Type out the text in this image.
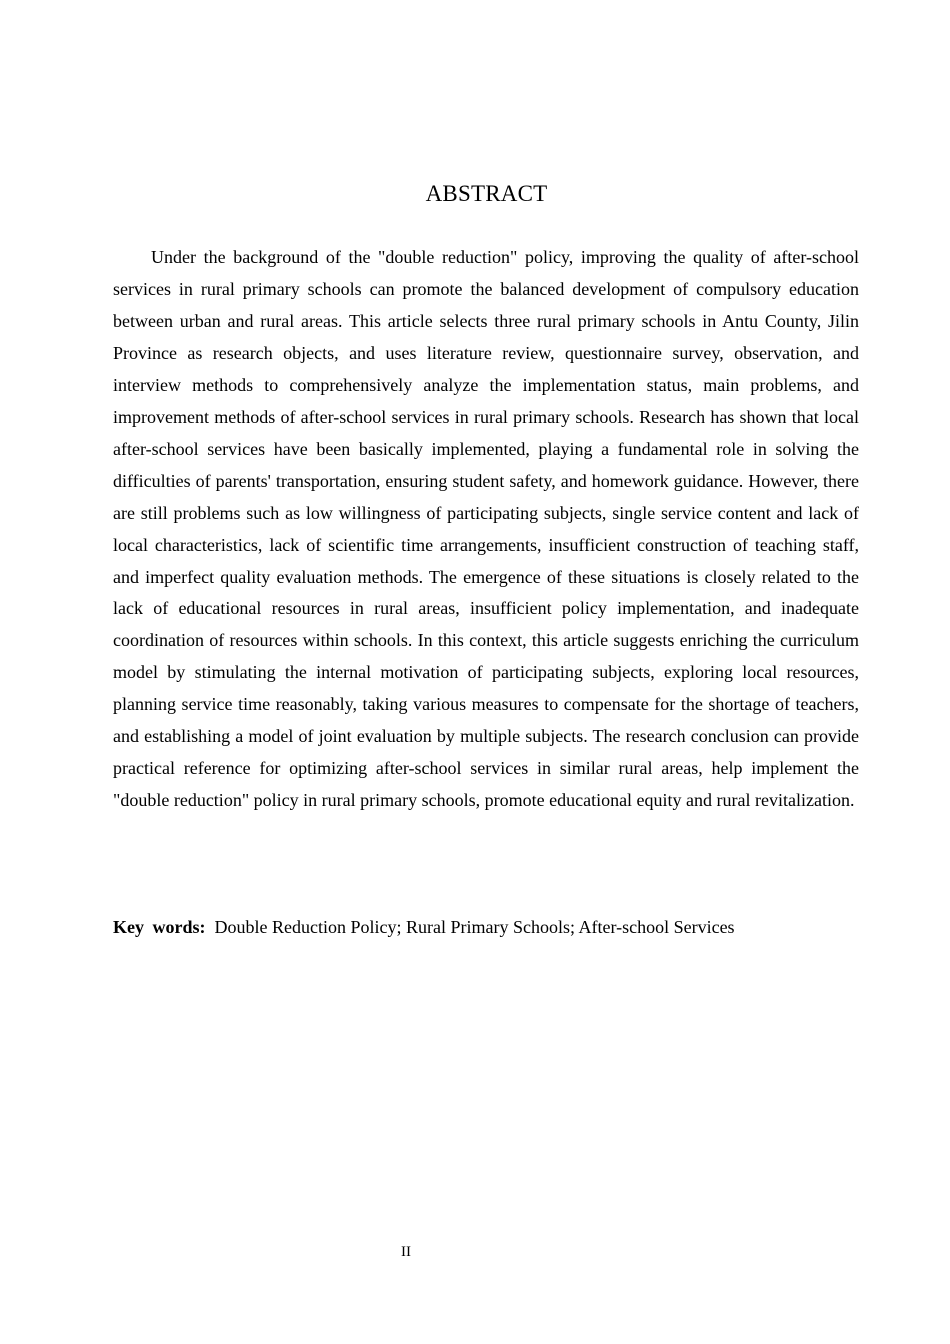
ABSTRACT

Under the background of the "double reduction" policy, improving the quality of after-school services in rural primary schools can promote the balanced development of compulsory education between urban and rural areas. This article selects three rural primary schools in Antu County, Jilin Province as research objects, and uses literature review, questionnaire survey, observation, and interview methods to comprehensively analyze the implementation status, main problems, and improvement methods of after-school services in rural primary schools. Research has shown that local after-school services have been basically implemented, playing a fundamental role in solving the difficulties of parents' transportation, ensuring student safety, and homework guidance. However, there are still problems such as low willingness of participating subjects, single service content and lack of local characteristics, lack of scientific time arrangements, insufficient construction of teaching staff, and imperfect quality evaluation methods. The emergence of these situations is closely related to the lack of educational resources in rural areas, insufficient policy implementation, and inadequate coordination of resources within schools. In this context, this article suggests enriching the curriculum model by stimulating the internal motivation of participating subjects, exploring local resources, planning service time reasonably, taking various measures to compensate for the shortage of teachers, and establishing a model of joint evaluation by multiple subjects. The research conclusion can provide practical reference for optimizing after-school services in similar rural areas, help implement the "double reduction" policy in rural primary schools, promote educational equity and rural revitalization.

Key words: Double Reduction Policy; Rural Primary Schools; After-school Services

II
